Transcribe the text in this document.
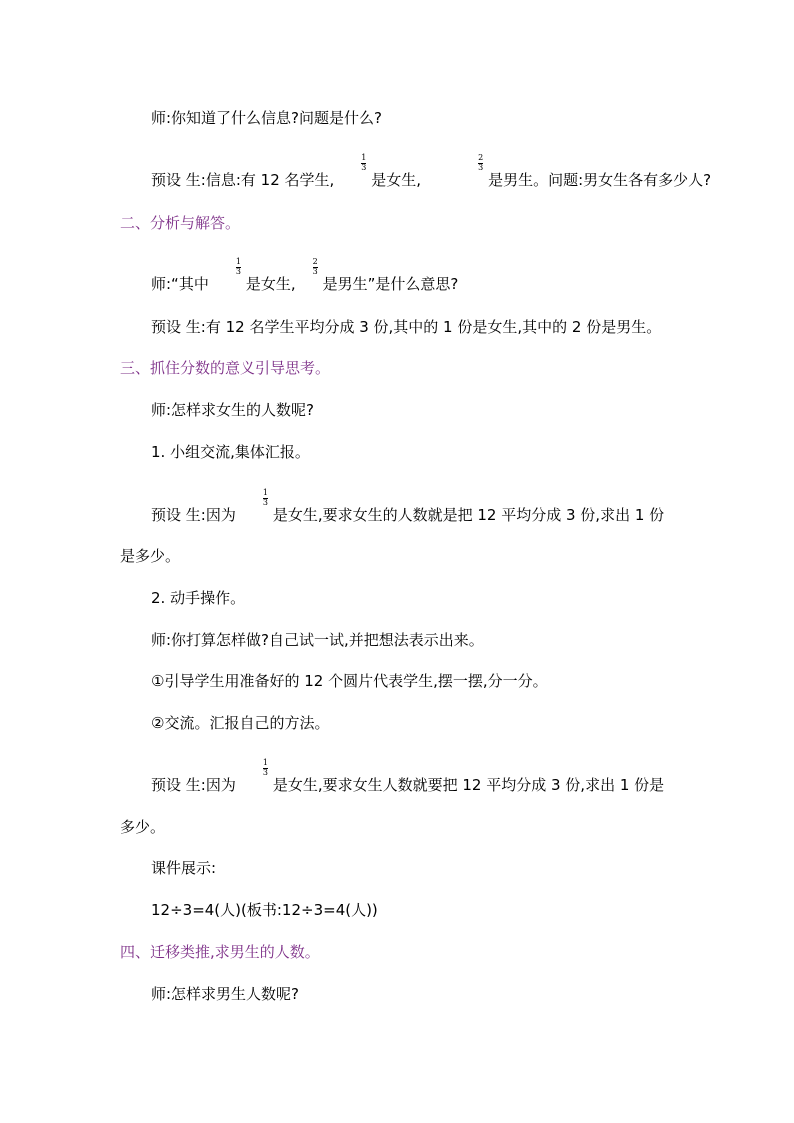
师:你知道了什么信息?问题是什么?
预设 生:信息:有 12 名学生,	$\frac{1}{3}$ 是女生,	$\frac{2}{3}$ 是男生。问题:男女生各有多少人?
二、分析与解答。
师:“其中	$\frac{1}{3}$ 是女生, $\frac{2}{3}$ 是男生”是什么意思?
预设 生:有 12 名学生平均分成 3 份,其中的 1 份是女生,其中的 2 份是男生。
三、抓住分数的意义引导思考。
师:怎样求女生的人数呢?
1. 小组交流,集体汇报。
预设 生:因为	$\frac{1}{3}$ 是女生,要求女生的人数就是把 12 平均分成 3 份,求出 1 份
是多少。
2. 动手操作。
师:你打算怎样做?自己试一试,并把想法表示出来。
①引导学生用准备好的 12 个圆片代表学生,摆一摆,分一分。
②交流。汇报自己的方法。
预设 生:因为	$\frac{1}{3}$ 是女生,要求女生人数就要把 12 平均分成 3 份,求出 1 份是
多少。
课件展示:
12÷3=4(人)(板书:12÷3=4(人))
四、迁移类推,求男生的人数。
师:怎样求男生人数呢?
